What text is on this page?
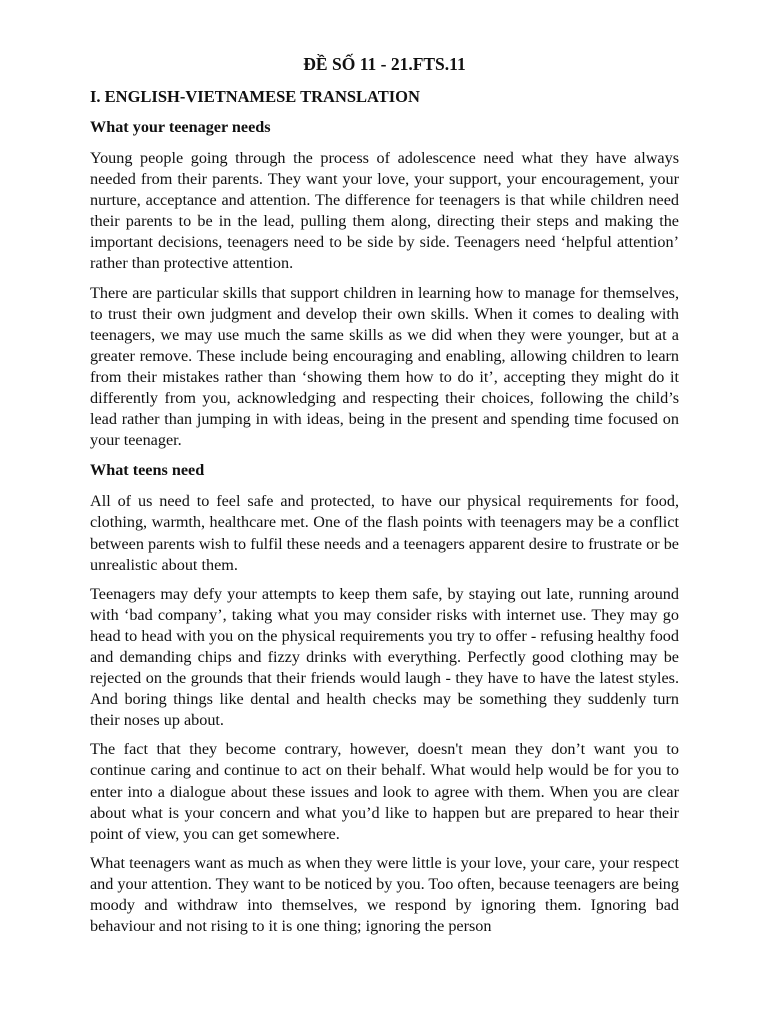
ĐỀ SỐ 11 - 21.FTS.11
I. ENGLISH-VIETNAMESE TRANSLATION
What your teenager needs

Young people going through the process of adolescence need what they have always needed from their parents. They want your love, your support, your encouragement, your nurture, acceptance and attention. The difference for teenagers is that while children need their parents to be in the lead, pulling them along, directing their steps and making the important decisions, teenagers need to be side by side. Teenagers need ‘helpful attention’ rather than protective attention.

There are particular skills that support children in learning how to manage for themselves, to trust their own judgment and develop their own skills. When it comes to dealing with teenagers, we may use much the same skills as we did when they were younger, but at a greater remove. These include being encouraging and enabling, allowing children to learn from their mistakes rather than ‘showing them how to do it’, accepting they might do it differently from you, acknowledging and respecting their choices, following the child’s lead rather than jumping in with ideas, being in the present and spending time focused on your teenager.

What teens need

All of us need to feel safe and protected, to have our physical requirements for food, clothing, warmth, healthcare met. One of the flash points with teenagers may be a conflict between parents wish to fulfil these needs and a teenagers apparent desire to frustrate or be unrealistic about them.

Teenagers may defy your attempts to keep them safe, by staying out late, running around with ‘bad company’, taking what you may consider risks with internet use. They may go head to head with you on the physical requirements you try to offer - refusing healthy food and demanding chips and fizzy drinks with everything. Perfectly good clothing may be rejected on the grounds that their friends would laugh - they have to have the latest styles. And boring things like dental and health checks may be something they suddenly turn their noses up about.

The fact that they become contrary, however, doesn't mean they don’t want you to continue caring and continue to act on their behalf. What would help would be for you to enter into a dialogue about these issues and look to agree with them. When you are clear about what is your concern and what you’d like to happen but are prepared to hear their point of view, you can get somewhere.

What teenagers want as much as when they were little is your love, your care, your respect and your attention. They want to be noticed by you. Too often, because teenagers are being moody and withdraw into themselves, we respond by ignoring them. Ignoring bad behaviour and not rising to it is one thing; ignoring the person
